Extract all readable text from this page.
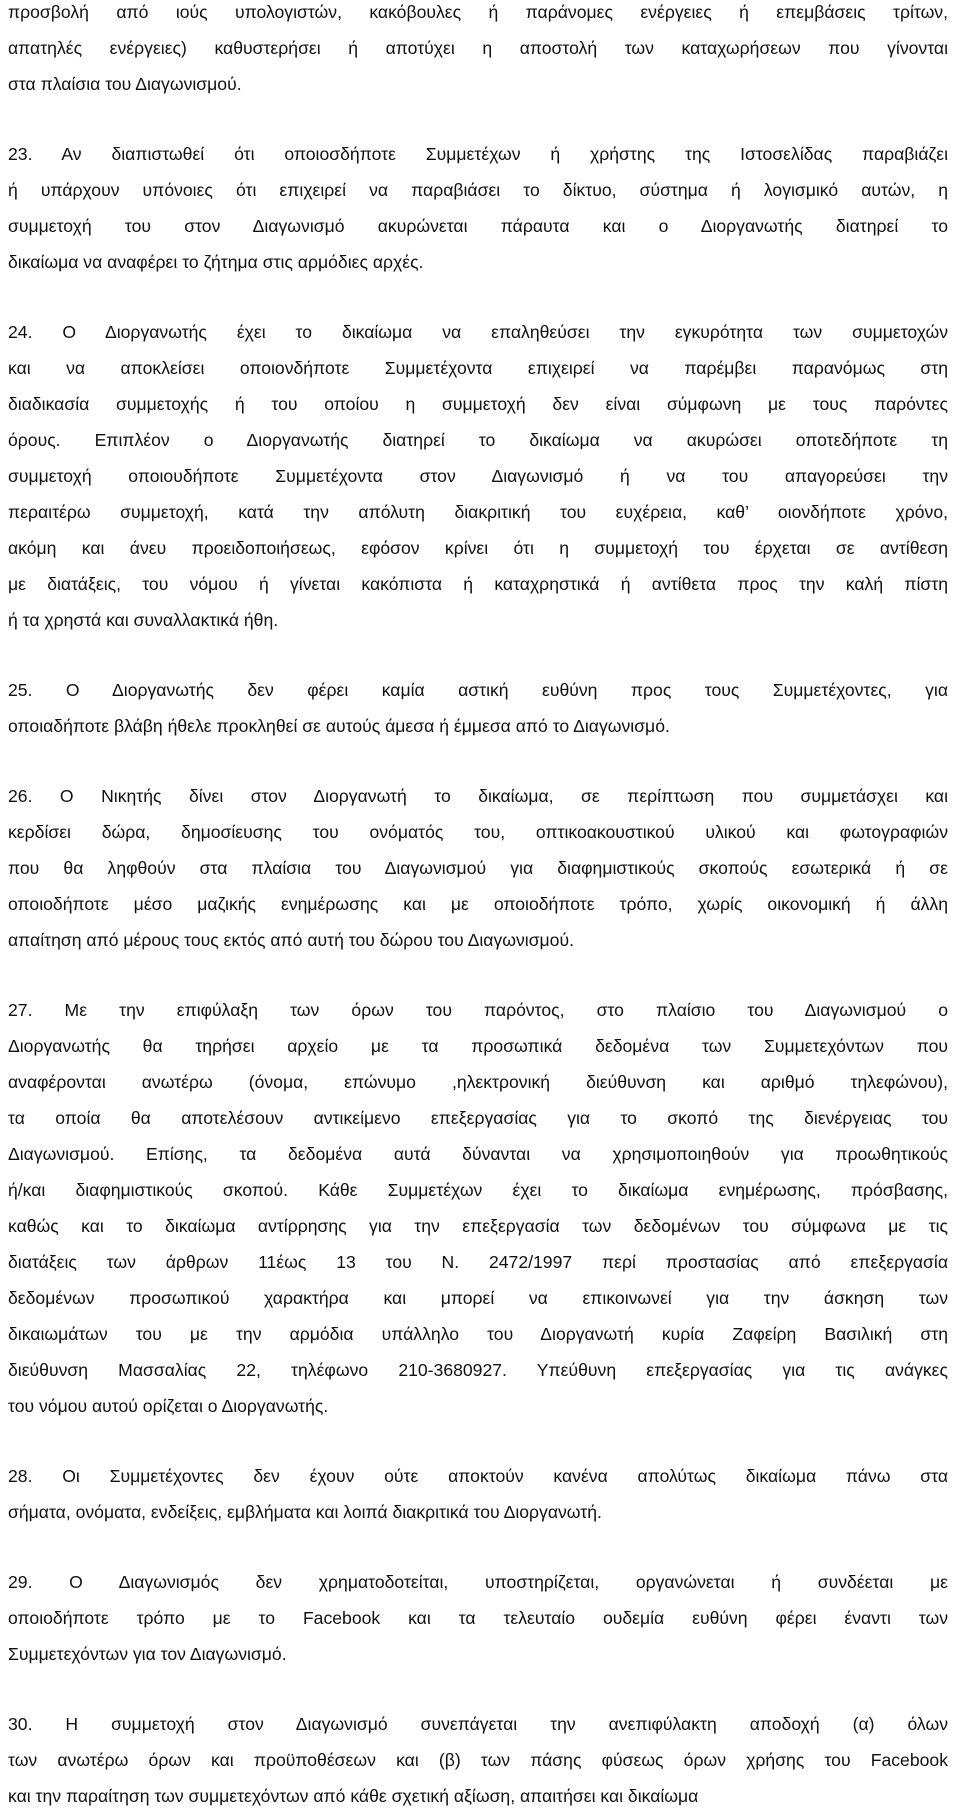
προσβολή από ιούς υπολογιστών, κακόβουλες ή παράνομες ενέργειες ή επεμβάσεις τρίτων,
απατηλές ενέργειες) καθυστερήσει ή αποτύχει η αποστολή των καταχωρήσεων που γίνονται
στα πλαίσια του Διαγωνισμού.
23. Αν διαπιστωθεί ότι οποιοσδήποτε Συμμετέχων ή χρήστης της Ιστοσελίδας παραβιάζει
ή υπάρχουν υπόνοιες ότι επιχειρεί να παραβιάσει το δίκτυο, σύστημα ή λογισμικό αυτών, η
συμμετοχή του στον Διαγωνισμό ακυρώνεται πάραυτα και ο Διοργανωτής διατηρεί το
δικαίωμα να αναφέρει το ζήτημα στις αρμόδιες αρχές.
24. Ο Διοργανωτής έχει το δικαίωμα να επαληθεύσει την εγκυρότητα των συμμετοχών
και να αποκλείσει οποιονδήποτε Συμμετέχοντα επιχειρεί να παρέμβει παρανόμως στη
διαδικασία συμμετοχής ή του οποίου η συμμετοχή δεν είναι σύμφωνη με τους παρόντες
όρους. Επιπλέον ο Διοργανωτής διατηρεί το δικαίωμα να ακυρώσει οποτεδήποτε τη
συμμετοχή οποιουδήποτε Συμμετέχοντα στον Διαγωνισμό ή να του απαγορεύσει την
περαιτέρω συμμετοχή, κατά την απόλυτη διακριτική του ευχέρεια, καθ’ οιονδήποτε χρόνο,
ακόμη και άνευ προειδοποιήσεως, εφόσον κρίνει ότι η συμμετοχή του έρχεται σε αντίθεση
με διατάξεις, του νόμου ή γίνεται κακόπιστα ή καταχρηστικά ή αντίθετα προς την καλή πίστη
ή τα χρηστά και συναλλακτικά ήθη.
25. Ο Διοργανωτής δεν φέρει καμία αστική ευθύνη προς τους Συμμετέχοντες, για
οποιαδήποτε βλάβη ήθελε προκληθεί σε αυτούς άμεσα ή έμμεσα από το Διαγωνισμό.
26. Ο Νικητής δίνει στον Διοργανωτή το δικαίωμα, σε περίπτωση που συμμετάσχει και
κερδίσει δώρα, δημοσίευσης του ονόματός του, οπτικοακουστικού υλικού και φωτογραφιών
που θα ληφθούν στα πλαίσια του Διαγωνισμού για διαφημιστικούς σκοπούς εσωτερικά ή σε
οποιοδήποτε μέσο μαζικής ενημέρωσης και με οποιοδήποτε τρόπο, χωρίς οικονομική ή άλλη
απαίτηση από μέρους τους εκτός από αυτή του δώρου του Διαγωνισμού.
27. Με την επιφύλαξη των όρων του παρόντος, στο πλαίσιο του Διαγωνισμού ο
Διοργανωτής θα τηρήσει αρχείο με τα προσωπικά δεδομένα των Συμμετεχόντων που
αναφέρονται ανωτέρω (όνομα, επώνυμο ,ηλεκτρονική διεύθυνση και αριθμό τηλεφώνου),
τα οποία θα αποτελέσουν αντικείμενο επεξεργασίας για το σκοπό της διενέργειας του
Διαγωνισμού. Επίσης, τα δεδομένα αυτά δύνανται να χρησιμοποιηθούν για προωθητικούς
ή/και διαφημιστικούς σκοπού. Κάθε Συμμετέχων έχει το δικαίωμα ενημέρωσης, πρόσβασης,
καθώς και το δικαίωμα αντίρρησης για την επεξεργασία των δεδομένων του σύμφωνα με τις
διατάξεις των άρθρων 11έως 13 του Ν. 2472/1997 περί προστασίας από επεξεργασία
δεδομένων προσωπικού χαρακτήρα και μπορεί να επικοινωνεί για την άσκηση των
δικαιωμάτων του με την αρμόδια υπάλληλο του Διοργανωτή κυρία Ζαφείρη Βασιλική στη
διεύθυνση Μασσαλίας 22, τηλέφωνο 210-3680927. Υπεύθυνη επεξεργασίας για τις ανάγκες
του νόμου αυτού ορίζεται ο Διοργανωτής.
28. Οι Συμμετέχοντες δεν έχουν ούτε αποκτούν κανένα απολύτως δικαίωμα πάνω στα
σήματα, ονόματα, ενδείξεις, εμβλήματα και λοιπά διακριτικά του Διοργανωτή.
29. Ο Διαγωνισμός δεν χρηματοδοτείται, υποστηρίζεται, οργανώνεται ή συνδέεται με
οποιοδήποτε τρόπο με το Facebook και τα τελευταίο ουδεμία ευθύνη φέρει έναντι των
Συμμετεχόντων για τον Διαγωνισμό.
30. Η συμμετοχή στον Διαγωνισμό συνεπάγεται την ανεπιφύλακτη αποδοχή (α) όλων
των ανωτέρω όρων και προϋποθέσεων και (β) των πάσης φύσεως όρων χρήσης του Facebook
και την παραίτηση των συμμετεχόντων από κάθε σχετική αξίωση, απαιτήσει και δικαίωμα
